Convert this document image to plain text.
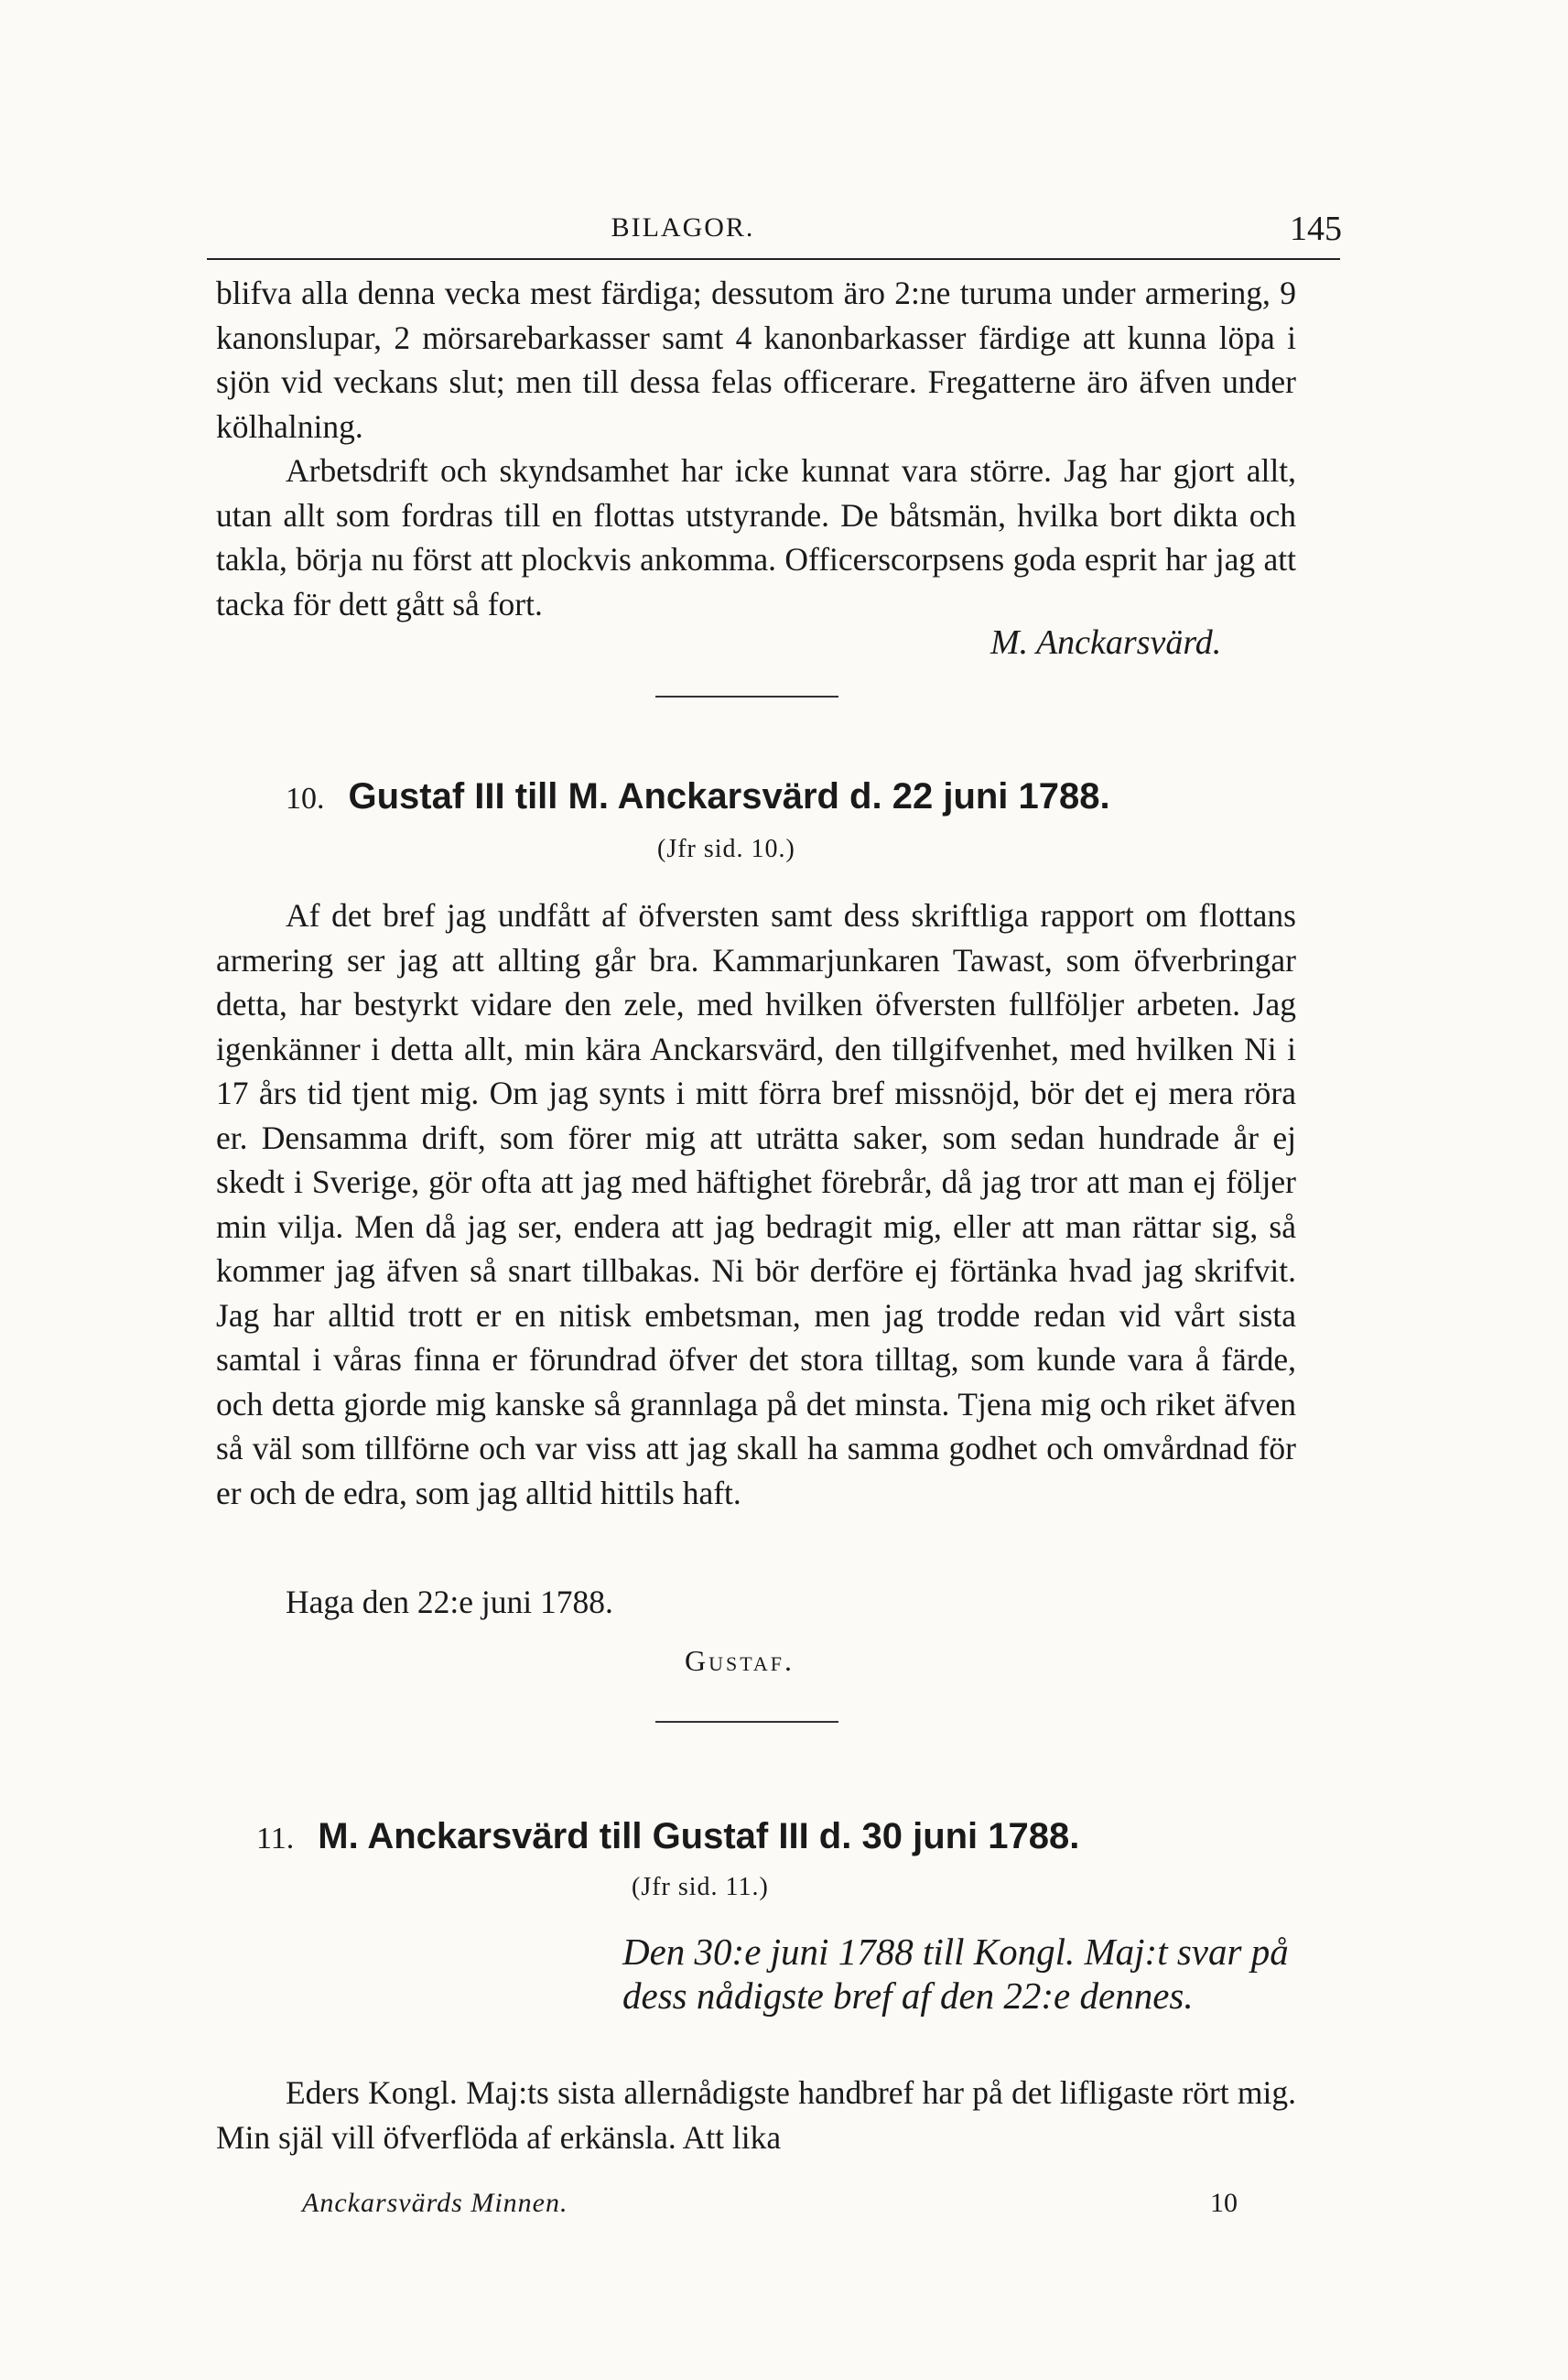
BILAGOR.	145

blifva alla denna vecka mest färdiga; dessutom äro 2:ne turuma under armering, 9 kanonslupar, 2 mörsarebarkasser samt 4 kanonbarkasser färdige att kunna löpa i sjön vid veckans slut; men till dessa felas officerare. Fregatterne äro äfven under kölhalning.

Arbetsdrift och skyndsamhet har icke kunnat vara större. Jag har gjort allt, utan allt som fordras till en flottas utstyrande. De båtsmän, hvilka bort dikta och takla, börja nu först att plockvis ankomma. Officerscorpsens goda esprit har jag att tacka för dett gått så fort.

M. Anckarsvärd.
10. Gustaf III till M. Anckarsvärd d. 22 juni 1788.
(Jfr sid. 10.)
Af det bref jag undfått af öfversten samt dess skriftliga rapport om flottans armering ser jag att allting går bra. Kammarjunkaren Tawast, som öfverbringar detta, har bestyrkt vidare den zele, med hvilken öfversten fullföljer arbeten. Jag igenkänner i detta allt, min kära Anckarsvärd, den tillgifvenhet, med hvilken Ni i 17 års tid tjent mig. Om jag synts i mitt förra bref missnöjd, bör det ej mera röra er. Densamma drift, som förer mig att uträtta saker, som sedan hundrade år ej skedt i Sverige, gör ofta att jag med häftighet förebrår, då jag tror att man ej följer min vilja. Men då jag ser, endera att jag bedragit mig, eller att man rättar sig, så kommer jag äfven så snart tillbakas. Ni bör derföre ej förtänka hvad jag skrifvit. Jag har alltid trott er en nitisk embetsman, men jag trodde redan vid vårt sista samtal i våras finna er förundrad öfver det stora tilltag, som kunde vara å färde, och detta gjorde mig kanske så grannlaga på det minsta. Tjena mig och riket äfven så väl som tillförne och var viss att jag skall ha samma godhet och omvårdnad för er och de edra, som jag alltid hittils haft.
Haga den 22:e juni 1788.
Gustaf.
11. M. Anckarsvärd till Gustaf III d. 30 juni 1788.
(Jfr sid. 11.)
Den 30:e juni 1788 till Kongl. Maj:t svar på dess nådigste bref af den 22:e dennes.
Eders Kongl. Maj:ts sista allernådigste handbref har på det lifligaste rört mig. Min själ vill öfverflöda af erkänsla. Att lika
Anckarsvärds Minnen.	10
